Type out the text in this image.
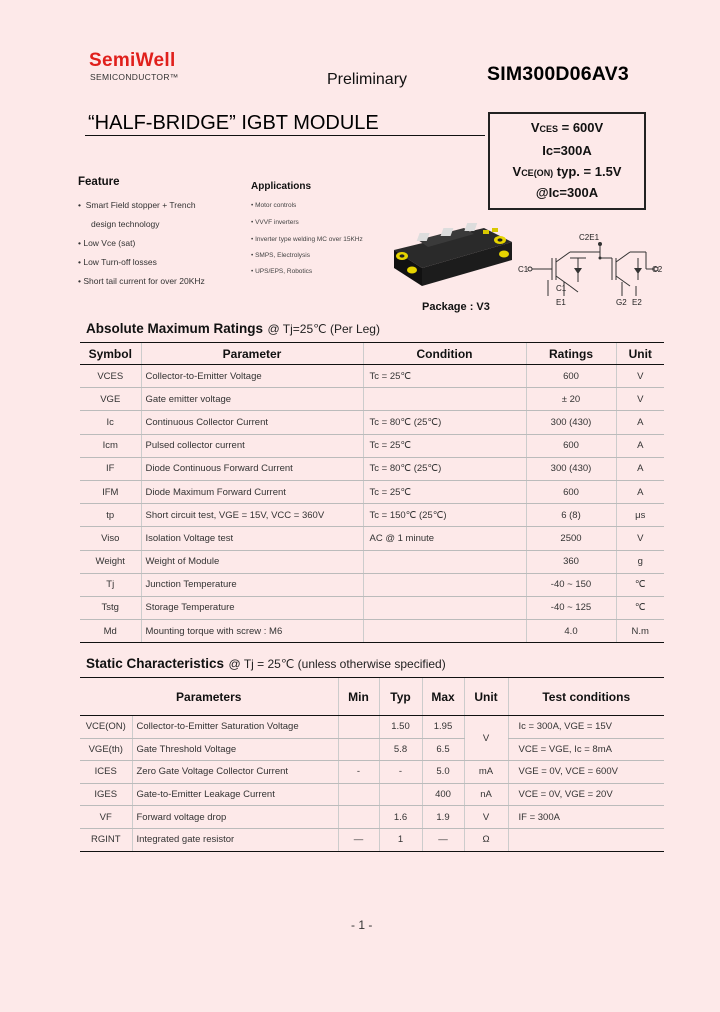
SemiWell
SEMICONDUCTOR™	Preliminary	SIM300D06AV3
“HALF-BRIDGE” IGBT MODULE	VCES = 600V
Ic=300A
VCE(ON) typ. = 1.5V
@Ic=300A
Feature
•  Smart Field stopper + Trench
design technology
• Low Vce (sat)
• Low Turn-off losses
• Short tail current for over 20KHz
Applications
• Motor controls
• VVVF inverters
• Inverter type welding MC over 15KHz
• SMPS, Electrolysis
• UPS/EPS, Robotics
C2E1
C1	C2
C1
E1	G2 E2
Package : V3
Absolute Maximum Ratings @ Tj=25℃ (Per Leg)
Symbol	Parameter	Condition	Ratings	Unit
VCES	Collector-to-Emitter Voltage	Tc = 25℃	600	V
VGE	Gate emitter voltage		± 20	V
Ic	Continuous Collector Current	Tc = 80℃ (25℃)	300 (430)	A
Icm	Pulsed collector current	Tc = 25℃	600	A
IF	Diode Continuous Forward Current	Tc = 80℃ (25℃)	300 (430)	A
IFM	Diode Maximum Forward Current	Tc = 25℃	600	A
tp	Short circuit test, VGE = 15V, VCC = 360V	Tc = 150℃ (25℃)	6 (8)	μs
Viso	Isolation Voltage test	AC @ 1 minute	2500	V
Weight	Weight of Module		360	g
Tj	Junction Temperature		-40 ~ 150	℃
Tstg	Storage Temperature		-40 ~ 125	℃
Md	Mounting torque with screw : M6		4.0	N.m
Static Characteristics @ Tj = 25℃ (unless otherwise specified)
Parameters		Min	Typ	Max	Unit	Test conditions
VCE(ON)	Collector-to-Emitter Saturation Voltage		1.50	1.95	V	Ic = 300A, VGE = 15V
VGE(th)	Gate Threshold Voltage		5.8	6.5		VCE = VGE, Ic = 8mA
ICES	Zero Gate Voltage Collector Current	-	-	5.0	mA	VGE = 0V, VCE = 600V
IGES	Gate-to-Emitter Leakage Current			400	nA	VCE = 0V, VGE = 20V
VF	Forward voltage drop		1.6	1.9	V	IF = 300A
RGINT	Integrated gate resistor	—	1	—	Ω	
- 1 -
